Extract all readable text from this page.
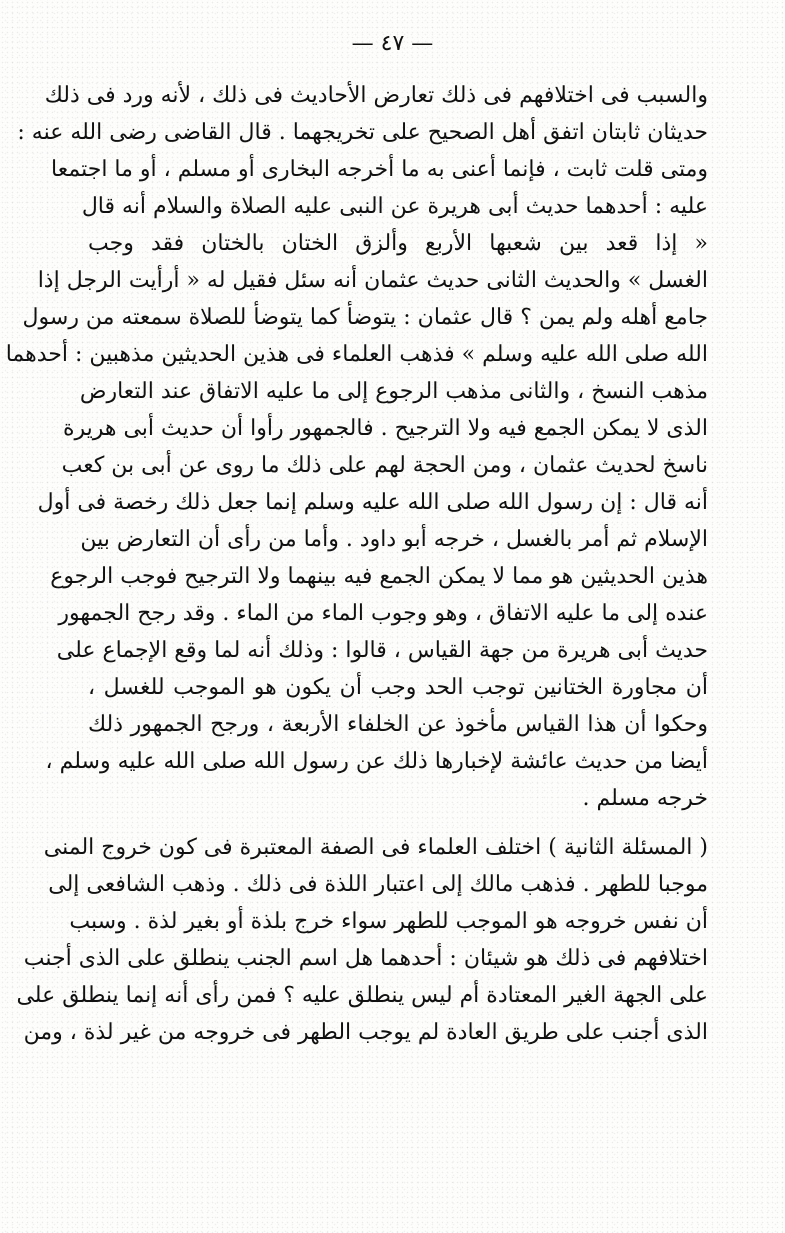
— ٤٧ —
والسبب فى اختلافهم فى ذلك تعارض الأحاديث فى ذلك ، لأنه ورد فى ذلك
حديثان ثابتان اتفق أهل الصحيح على تخريجهما . قال القاضى رضى الله عنه :
ومتى قلت ثابت ، فإنما أعنى به ما أخرجه البخارى أو مسلم ، أو ما اجتمعا
عليه : أحدهما حديث أبى هريرة عن النبى عليه الصلاة والسلام أنه قال
« إذا قعد بين شعبها الأربع وألزق الختان بالختان فقد وجب
الغسل » والحديث الثانى حديث عثمان أنه سئل فقيل له « أرأيت الرجل إذا
جامع أهله ولم يمن ؟ قال عثمان : يتوضأ كما يتوضأ للصلاة سمعته من رسول
الله صلى الله عليه وسلم » فذهب العلماء فى هذين الحديثين مذهبين : أحدهما
مذهب النسخ ، والثانى مذهب الرجوع إلى ما عليه الاتفاق عند التعارض
الذى لا يمكن الجمع فيه ولا الترجيح . فالجمهور رأوا أن حديث أبى هريرة
ناسخ لحديث عثمان ، ومن الحجة لهم على ذلك ما روى عن أبى بن كعب
أنه قال : إن رسول الله صلى الله عليه وسلم إنما جعل ذلك رخصة فى أول
الإسلام ثم أمر بالغسل ، خرجه أبو داود . وأما من رأى أن التعارض بين
هذين الحديثين هو مما لا يمكن الجمع فيه بينهما ولا الترجيح فوجب الرجوع
عنده إلى ما عليه الاتفاق ، وهو وجوب الماء من الماء . وقد رجح الجمهور
حديث أبى هريرة من جهة القياس ، قالوا : وذلك أنه لما وقع الإجماع على
أن مجاورة الختانين توجب الحد وجب أن يكون هو الموجب للغسل ،
وحكوا أن هذا القياس مأخوذ عن الخلفاء الأربعة ، ورجح الجمهور ذلك
أيضا من حديث عائشة لإخبارها ذلك عن رسول الله صلى الله عليه وسلم ،
خرجه مسلم .
( المسئلة الثانية ) اختلف العلماء فى الصفة المعتبرة فى كون خروج المنى
موجبا للطهر . فذهب مالك إلى اعتبار اللذة فى ذلك . وذهب الشافعى إلى
أن نفس خروجه هو الموجب للطهر سواء خرج بلذة أو بغير لذة . وسبب
اختلافهم فى ذلك هو شيئان : أحدهما هل اسم الجنب ينطلق على الذى أجنب
على الجهة الغير المعتادة أم ليس ينطلق عليه ؟ فمن رأى أنه إنما ينطلق على
الذى أجنب على طريق العادة لم يوجب الطهر فى خروجه من غير لذة ، ومن
